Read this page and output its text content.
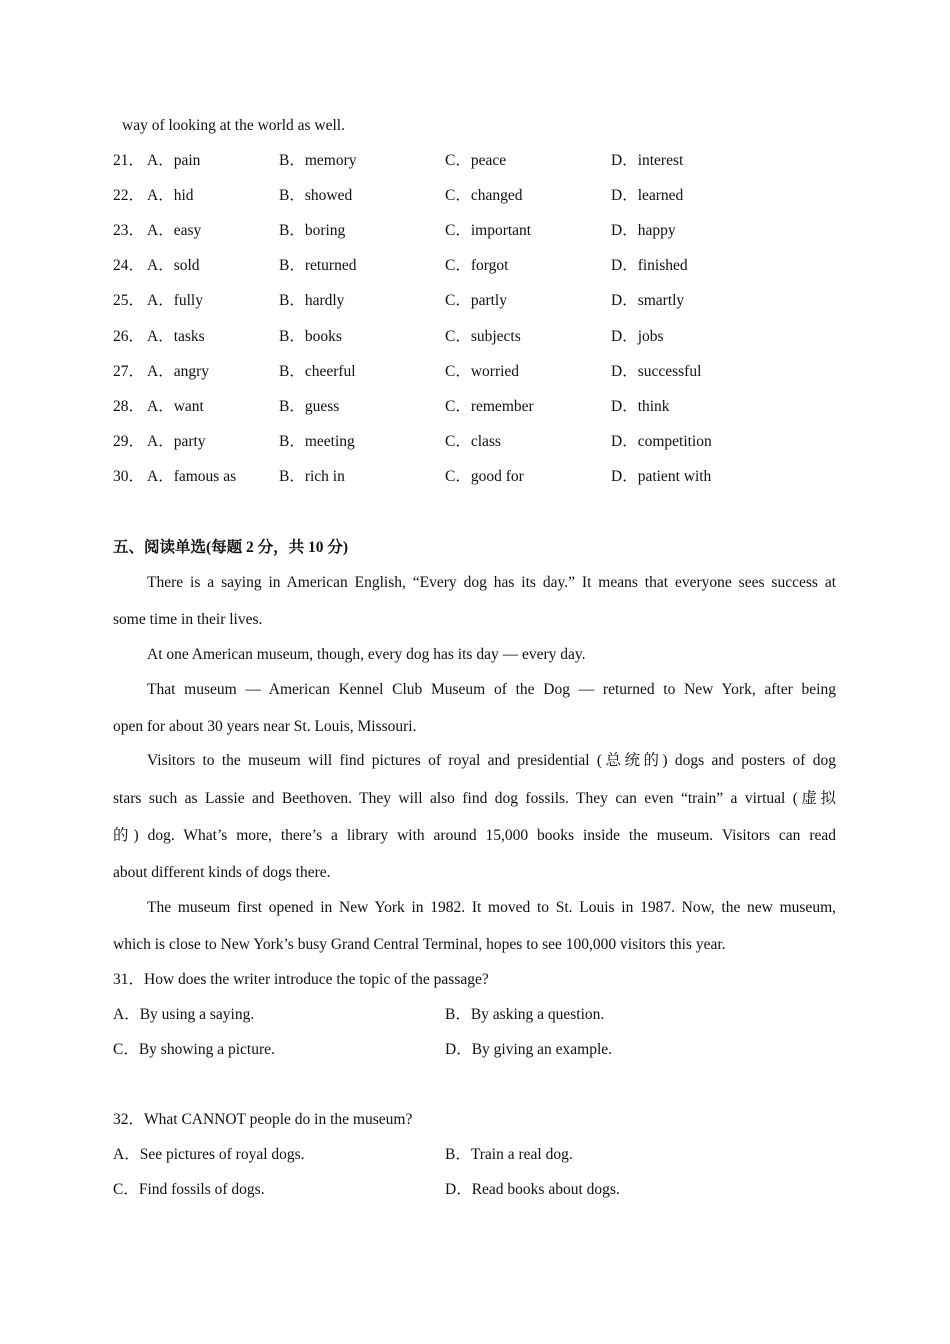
way of looking at the world as well.
21． A．pain	B．memory	C．peace	D．interest
22． A．hid	B．showed	C．changed	D．learned
23． A．easy	B．boring	C．important	D．happy
24． A．sold	B．returned	C．forgot	D．finished
25． A．fully	B．hardly	C．partly	D．smartly
26． A．tasks	B．books	C．subjects	D．jobs
27． A．angry	B．cheerful	C．worried	D．successful
28． A．want	B．guess	C．remember	D．think
29． A．party	B．meeting	C．class	D．competition
30． A．famous as	B．rich in	C．good for	D．patient with
五、阅读单选(每题 2 分，共 10 分)
There is a saying in American English, “Every dog has its day.” It means that everyone sees success at
some time in their lives.
At one American museum, though, every dog has its day — every day.
That museum — American Kennel Club Museum of the Dog — returned to New York, after being
open for about 30 years near St. Louis, Missouri.
Visitors to the museum will find pictures of royal and presidential (总统的) dogs and posters of dog
stars such as Lassie and Beethoven. They will also find dog fossils. They can even “train” a virtual (虚拟
的) dog. What’s more, there’s a library with around 15,000 books inside the museum. Visitors can read
about different kinds of dogs there.
The museum first opened in New York in 1982. It moved to St. Louis in 1987. Now, the new museum,
which is close to New York’s busy Grand Central Terminal, hopes to see 100,000 visitors this year.
31．How does the writer introduce the topic of the passage?
A．By using a saying.	B．By asking a question.
C．By showing a picture.	D．By giving an example.
32．What CANNOT people do in the museum?
A．See pictures of royal dogs.	B．Train a real dog.
C．Find fossils of dogs.	D．Read books about dogs.
